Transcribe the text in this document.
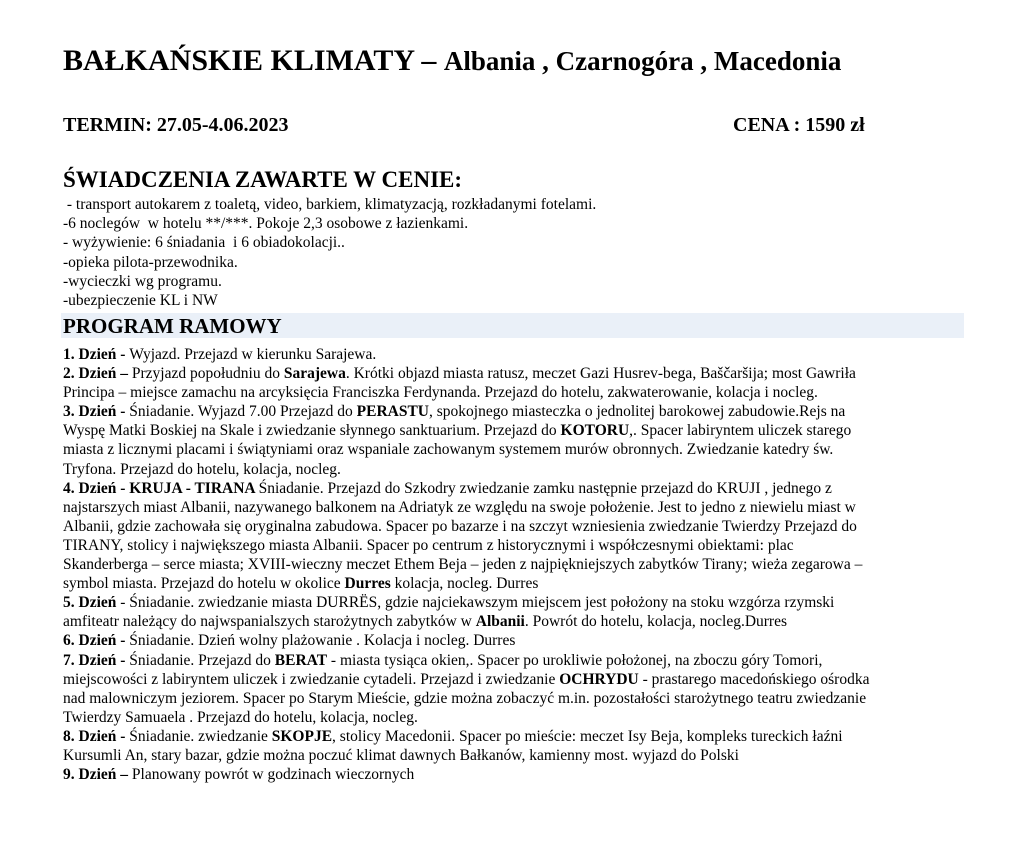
BAŁKAŃSKIE KLIMATY – Albania , Czarnogóra , Macedonia
TERMIN: 27.05-4.06.2023	CENA : 1590 zł
ŚWIADCZENIA ZAWARTE W CENIE:
- transport autokarem z toaletą, video, barkiem, klimatyzacją, rozkładanymi fotelami.
-6 noclegów  w hotelu **/***. Pokoje 2,3 osobowe z łazienkami.
- wyżywienie: 6 śniadania  i 6 obiadokolacji..
-opieka pilota-przewodnika.
-wycieczki wg programu.
-ubezpieczenie KL i NW
PROGRAM RAMOWY
1. Dzień - Wyjazd. Przejazd w kierunku Sarajewa.
2. Dzień – Przyjazd popołudniu do Sarajewa. Krótki objazd miasta ratusz, meczet Gazi Husrev-bega, Baščaršija; most Gawriła
Principa – miejsce zamachu na arcyksięcia Franciszka Ferdynanda. Przejazd do hotelu, zakwaterowanie, kolacja i nocleg.
3. Dzień - Śniadanie. Wyjazd 7.00 Przejazd do PERASTU, spokojnego miasteczka o jednolitej barokowej zabudowie.Rejs na
Wyspę Matki Boskiej na Skale i zwiedzanie słynnego sanktuarium. Przejazd do KOTORU,. Spacer labiryntem uliczek starego
miasta z licznymi placami i świątyniami oraz wspaniale zachowanym systemem murów obronnych. Zwiedzanie katedry św.
Tryfona. Przejazd do hotelu, kolacja, nocleg.
4. Dzień - KRUJA - TIRANA Śniadanie. Przejazd do Szkodry zwiedzanie zamku następnie przejazd do KRUJI , jednego z
najstarszych miast Albanii, nazywanego balkonem na Adriatyk ze względu na swoje położenie. Jest to jedno z niewielu miast w
Albanii, gdzie zachowała się oryginalna zabudowa. Spacer po bazarze i na szczyt wzniesienia zwiedzanie Twierdzy Przejazd do
TIRANY, stolicy i największego miasta Albanii. Spacer po centrum z historycznymi i współczesnymi obiektami: plac
Skanderberga – serce miasta; XVIII-wieczny meczet Ethem Beja – jeden z najpiękniejszych zabytków Tirany; wieża zegarowa –
symbol miasta. Przejazd do hotelu w okolice Durres kolacja, nocleg. Durres
5. Dzień - Śniadanie. zwiedzanie miasta DURRËS, gdzie najciekawszym miejscem jest położony na stoku wzgórza rzymski
amfiteatr należący do najwspanialszych starożytnych zabytków w Albanii. Powrót do hotelu, kolacja, nocleg.Durres
6. Dzień - Śniadanie. Dzień wolny plażowanie . Kolacja i nocleg. Durres
7. Dzień - Śniadanie. Przejazd do BERAT - miasta tysiąca okien,. Spacer po urokliwie położonej, na zboczu góry Tomori,
miejscowości z labiryntem uliczek i zwiedzanie cytadeli. Przejazd i zwiedzanie OCHRYDU - prastarego macedońskiego ośrodka
nad malowniczym jeziorem. Spacer po Starym Mieście, gdzie można zobaczyć m.in. pozostałości starożytnego teatru zwiedzanie
Twierdzy Samuaela . Przejazd do hotelu, kolacja, nocleg.
8. Dzień - Śniadanie. zwiedzanie SKOPJE, stolicy Macedonii. Spacer po mieście: meczet Isy Beja, kompleks tureckich łaźni
Kursumli An, stary bazar, gdzie można poczuć klimat dawnych Bałkanów, kamienny most. wyjazd do Polski
9. Dzień – Planowany powrót w godzinach wieczornych
